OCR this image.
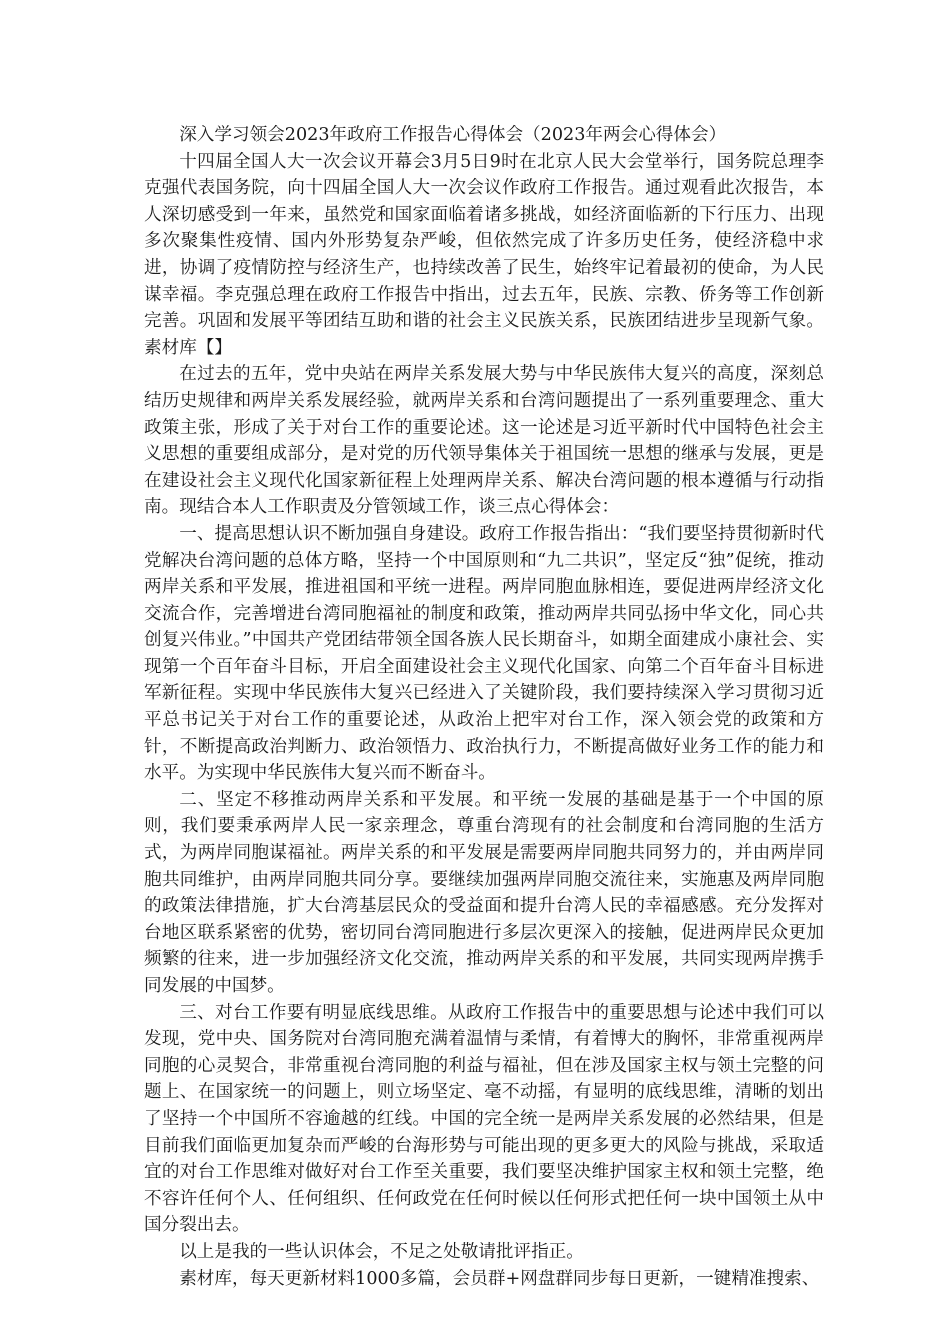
深入学习领会2023年政府工作报告心得体会（2023年两会心得体会）

十四届全国人大一次会议开幕会3月5日9时在北京人民大会堂举行，国务院总理李克强代表国务院，向十四届全国人大一次会议作政府工作报告。通过观看此次报告，本人深切感受到一年来，虽然党和国家面临着诸多挑战，如经济面临新的下行压力、出现多次聚集性疫情、国内外形势复杂严峻，但依然完成了许多历史任务，使经济稳中求进，协调了疫情防控与经济生产，也持续改善了民生，始终牢记着最初的使命，为人民谋幸福。李克强总理在政府工作报告中指出，过去五年，民族、宗教、侨务等工作创新完善。巩固和发展平等团结互助和谐的社会主义民族关系，民族团结进步呈现新气象。素材库【】

在过去的五年，党中央站在两岸关系发展大势与中华民族伟大复兴的高度，深刻总结历史规律和两岸关系发展经验，就两岸关系和台湾问题提出了一系列重要理念、重大政策主张，形成了关于对台工作的重要论述。这一论述是习近平新时代中国特色社会主义思想的重要组成部分，是对党的历代领导集体关于祖国统一思想的继承与发展，更是在建设社会主义现代化国家新征程上处理两岸关系、解决台湾问题的根本遵循与行动指南。现结合本人工作职责及分管领域工作，谈三点心得体会：

一、提高思想认识不断加强自身建设。政府工作报告指出：“我们要坚持贯彻新时代党解决台湾问题的总体方略，坚持一个中国原则和“九二共识”，坚定反“独”促统，推动两岸关系和平发展，推进祖国和平统一进程。两岸同胞血脉相连，要促进两岸经济文化交流合作，完善增进台湾同胞福祉的制度和政策，推动两岸共同弘扬中华文化，同心共创复兴伟业。”中国共产党团结带领全国各族人民长期奋斗，如期全面建成小康社会、实现第一个百年奋斗目标，开启全面建设社会主义现代化国家、向第二个百年奋斗目标进军新征程。实现中华民族伟大复兴已经进入了关键阶段，我们要持续深入学习贯彻习近平总书记关于对台工作的重要论述，从政治上把牢对台工作，深入领会党的政策和方针，不断提高政治判断力、政治领悟力、政治执行力，不断提高做好业务工作的能力和水平。为实现中华民族伟大复兴而不断奋斗。

二、坚定不移推动两岸关系和平发展。和平统一发展的基础是基于一个中国的原则，我们要秉承两岸人民一家亲理念，尊重台湾现有的社会制度和台湾同胞的生活方式，为两岸同胞谋福祉。两岸关系的和平发展是需要两岸同胞共同努力的，并由两岸同胞共同维护，由两岸同胞共同分享。要继续加强两岸同胞交流往来，实施惠及两岸同胞的政策法律措施，扩大台湾基层民众的受益面和提升台湾人民的幸福感感。充分发挥对台地区联系紧密的优势，密切同台湾同胞进行多层次更深入的接触，促进两岸民众更加频繁的往来，进一步加强经济文化交流，推动两岸关系的和平发展，共同实现两岸携手同发展的中国梦。

三、对台工作要有明显底线思维。从政府工作报告中的重要思想与论述中我们可以发现，党中央、国务院对台湾同胞充满着温情与柔情，有着博大的胸怀，非常重视两岸同胞的心灵契合，非常重视台湾同胞的利益与福祉，但在涉及国家主权与领土完整的问题上、在国家统一的问题上，则立场坚定、毫不动摇，有显明的底线思维，清晰的划出了坚持一个中国所不容逾越的红线。中国的完全统一是两岸关系发展的必然结果，但是目前我们面临更加复杂而严峻的台海形势与可能出现的更多更大的风险与挑战，采取适宜的对台工作思维对做好对台工作至关重要，我们要坚决维护国家主权和领土完整，绝不容许任何个人、任何组织、任何政党在任何时候以任何形式把任何一块中国领土从中国分裂出去。

以上是我的一些认识体会，不足之处敬请批评指正。

素材库，每天更新材料1000多篇，会员群+网盘群同步每日更新，一键精准搜索、
